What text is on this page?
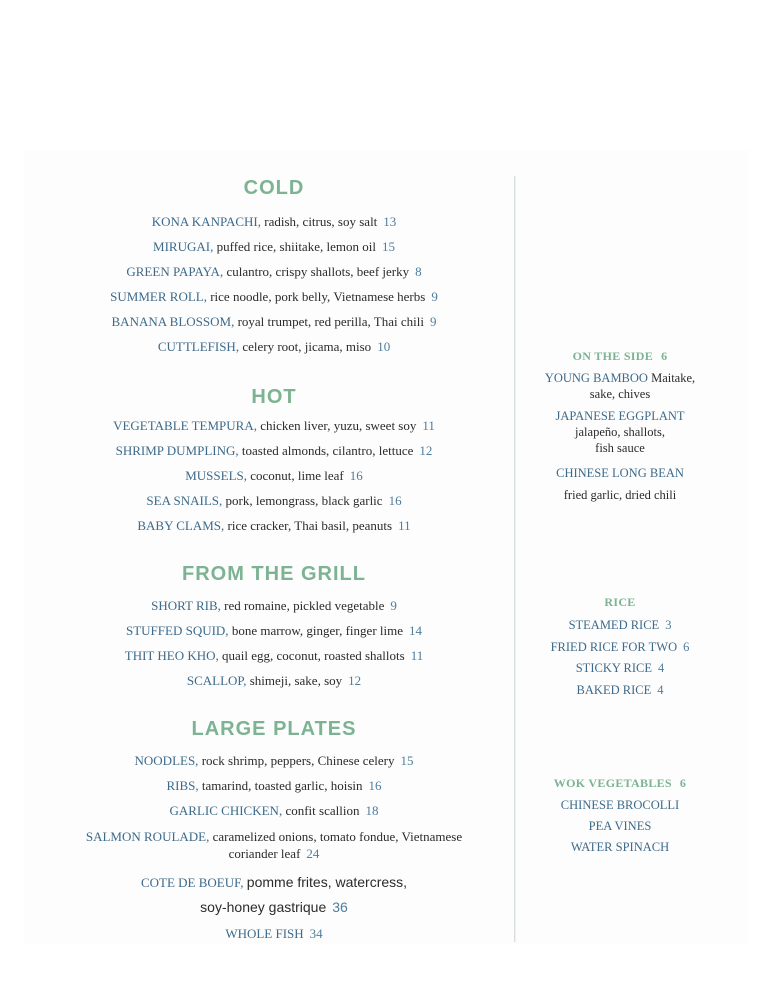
COLD
KONA KANPACHI, radish, citrus, soy salt 13
MIRUGAI, puffed rice, shiitake, lemon oil 15
GREEN PAPAYA, culantro, crispy shallots, beef jerky 8
SUMMER ROLL, rice noodle, pork belly, Vietnamese herbs 9
BANANA BLOSSOM, royal trumpet, red perilla, Thai chili 9
CUTTLEFISH, celery root, jicama, miso 10
HOT
VEGETABLE TEMPURA, chicken liver, yuzu, sweet soy 11
SHRIMP DUMPLING, toasted almonds, cilantro, lettuce 12
MUSSELS, coconut, lime leaf 16
SEA SNAILS, pork, lemongrass, black garlic 16
BABY CLAMS, rice cracker, Thai basil, peanuts 11
FROM THE GRILL
SHORT RIB, red romaine, pickled vegetable 9
STUFFED SQUID, bone marrow, ginger, finger lime 14
THIT HEO KHO, quail egg, coconut, roasted shallots 11
SCALLOP, shimeji, sake, soy 12
LARGE PLATES
NOODLES, rock shrimp, peppers, Chinese celery 15
RIBS, tamarind, toasted garlic, hoisin 16
GARLIC CHICKEN, confit scallion 18
SALMON ROULADE, caramelized onions, tomato fondue, Vietnamese coriander leaf 24
COTE DE BOEUF, pomme frites, watercress,
soy-honey gastrique 36
WHOLE FISH 34
ON THE SIDE 6
YOUNG BAMBOO Maitake,
sake, chives
JAPANESE EGGPLANT
jalapeño, shallots,
fish sauce
CHINESE LONG BEAN
fried garlic, dried chili
RICE
STEAMED RICE 3
FRIED RICE FOR TWO 6
STICKY RICE 4
BAKED RICE 4
WOK VEGETABLES 6
CHINESE BROCOLLI
PEA VINES
WATER SPINACH
